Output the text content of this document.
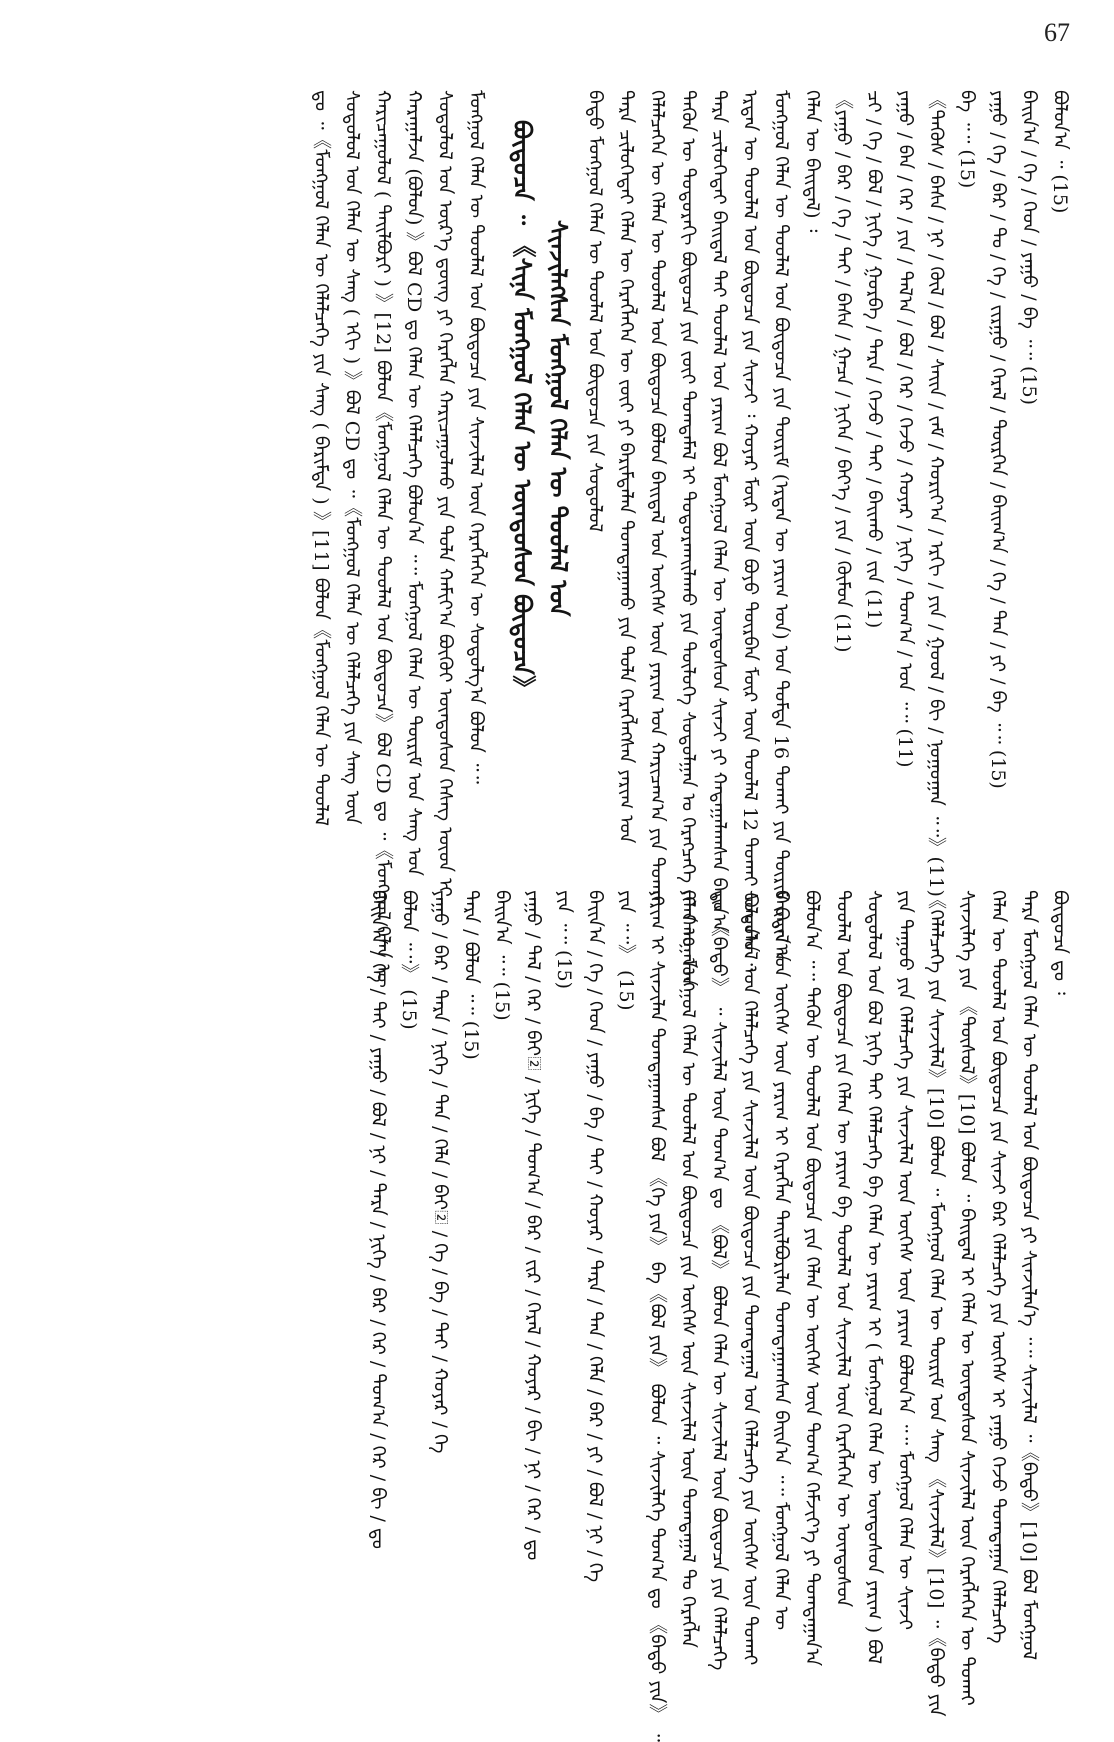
67
ᠪᠣᠯᠤᠨ᠎ᠠ ᠃ (15)
ᠪᠠᠢ᠌ᠨ᠎ᠠ / ᠭᠡ / ᠭᠡᠳ / ᠶᠠᠭᠤ / ᠪᠡ ᠃᠃ (15)
ᠶᠠᠭᠤ / ᠭᠡ / ᠪᠡᠷ / ᠲᠣ / ᠭᠡ / ᠵᠢᠷᠭᠤ / ᠭᠡᠷᠡᠯ / ᠲᠦᠷᠭᠡᠨ / ᠪᠠᠢ᠌ᠭ᠎ᠠ / ᠭᠡ / ᠲᠡᠨ / ᠶᠢ / ᠪᠡ ᠃᠃ (15)
ᠪᠡ ᠃᠃ (15)
《ᠲᠡᠭᠦᠰ / ᠪᠠᠰᠠ / ᠨᠢ / ᠬᠦᠯ / ᠪᠣᠯ / ᠰᠠᠢ᠌ᠨ / ᠵᠠᠮ / ᠬᠤᠷᠢᠶ᠎ᠠ / ᠡᠷᠬᠢ / ᠶᠢᠨ / ᠭᠤᠤᠯ / ᠪᠢ / ᠨᠣᠭᠤᠭᠠᠨ ᠃᠃》(11)
ᠶᠠᠭᠤ / ᠪᠡᠨ / ᠭᠡᠷ / ᠶᠢᠨ / ᠲᠠᠯ᠎ᠠ / ᠪᠣᠯ / ᠬᠡᠷ / ᠭᠡᠵᠦ / ᠬᠣᠶᠠᠷ / ᠨᠢᠭᠡ / ᠲᠣᠭ᠎ᠠ / ᠣᠨ ᠃᠃ (11)
ᠴᠢ / ᠭᠡ / ᠪᠣᠯ / ᠨᠢᠭᠡ / ᠭᠤᠷᠪᠠ / ᠲᠡᠷᠡ / ᠭᠡᠵᠦ / ᠲᠡᠢ / ᠪᠠᠢ᠌ᠬᠤ / ᠵᠢᠨ (11)
《ᠶᠠᠭᠤ / ᠪᠡᠷ / ᠭᠡ / ᠲᠡᠢ / ᠪᠠᠰᠠ / ᠭᠠᠴᠠ / ᠨᠢᠭᠡᠨ / ᠪᠡᠶ᠎ᠡ / ᠶᠢᠨ / ᠬᠦᠮᠦᠨ (11)
ᠬᠡᠯᠡᠨ ᠦ ᠪᠠᠢ᠌ᠳᠠᠯ) ᠄
ᠮᠣᠩᠭᠣᠯ ᠬᠡᠯᠡᠨ ᠦ ᠳᠤᠤᠯᠠᠯ ᠤᠨ ᠪᠦᠲᠦᠴᠡ ᠶᠢᠨ ᠳᠦᠷᠢᠮ (ᠡᠷᠲᠡᠨ ᠦ ᠶᠠᠷᠢᠭ ᠤᠨ) ᠤᠨ ᠳᠤᠮᠳᠠ 16 ᠲᠤᠬᠠᠢ ᠶᠢᠨ ᠳᠦᠷᠢᠮ ᠪᠠᠢ᠌ᠨ᠎ᠠ
ᠡᠷᠲᠡᠨ ᠦ ᠳᠤᠤᠯᠠᠯ ᠤᠨ ᠪᠦᠲᠦᠴᠡ ᠶᠢᠨ ᠰᠢᠨᠵᠢ ᠄ ᠬᠣᠶᠠᠷ ᠮᠥᠷ ᠦᠨ ᠪᠤᠶᠤ ᠳᠥᠷᠪᠡᠨ ᠮᠥᠷ ᠦᠨ ᠳᠤᠤᠯᠠᠯ 12 ᠲᠤᠬᠠᠢ ᠪᠣᠯᠤᠨ᠎ᠠ ᠃
ᠲᠡᠷᠡ ᠴᠢᠯᠦᠭᠡᠲᠡᠢ ᠪᠠᠢ᠌ᠳᠠᠯ ᠲᠠᠢ ᠳᠤᠤᠯᠠᠯ ᠤᠨ ᠶᠠᠷᠢᠭ ᠪᠣᠯ ᠮᠣᠩᠭᠣᠯ ᠬᠡᠯᠡᠨ ᠦ ᠦᠨᠳᠦᠰᠦᠨ ᠰᠢᠨᠵᠢ ᠶᠢ ᠬᠠᠳᠠᠭᠠᠯᠠᠭᠰᠠᠨ ᠪᠠᠢ᠌ᠨ᠎ᠠ
ᠲᠡᠭᠦᠨ ᠦ ᠳᠣᠲᠣᠷᠠᠬᠢ ᠪᠦᠲᠦᠴᠡ ᠶᠢᠨ ᠵᠦᠢ ᠲᠣᠭᠲᠠᠮᠠᠯ ᠢ ᠲᠣᠳᠣᠷᠬᠠᠢᠯᠠᠬᠤ ᠶᠢᠨ ᠲᠥᠯᠦᠭᠡ ᠰᠣᠳᠤᠯᠭᠠᠨ ᠤ ᠬᠡᠷᠡᠭᠴᠡᠭᠡ ᠶᠢ ᠬᠠᠩᠭᠠᠨ᠎ᠠ
ᠬᠡᠯᠡᠯᠴᠡᠭᠡᠨ ᠦ ᠬᠡᠯᠡᠨ ᠦ ᠳᠤᠤᠯᠠᠯ ᠤᠨ ᠪᠦᠲᠦᠴᠡ ᠪᠣᠯᠣᠨ ᠪᠠᠢ᠌ᠳᠠᠯ ᠤᠨ ᠦᠭᠡᠰ ᠦᠨ ᠶᠠᠷᠢᠭ ᠤᠨ ᠬᠠᠷᠢᠴᠠᠭ᠎ᠠ ᠶᠢᠨ ᠲᠤᠬᠠᠢ
ᠲᠡᠷᠡ ᠴᠢᠯᠦᠭᠡᠲᠡᠢ ᠬᠡᠯᠡᠨ ᠦ ᠬᠡᠷᠡᠭᠯᠡᠭᠡᠨ ᠦ ᠵᠦᠢ ᠶᠢ ᠪᠠᠷᠢᠮᠲᠠᠯᠠᠨ ᠲᠣᠭᠲᠠᠭᠠᠬᠤ ᠶᠢᠨ ᠲᠤᠯᠠ ᠬᠡᠷᠡᠭᠯᠡᠭᠰᠡᠨ ᠶᠠᠷᠢᠭ ᠤᠨ
ᠪᠠᠳᠤ ᠮᠣᠩᠭᠣᠯ ᠬᠡᠯᠡᠨ ᠦ ᠳᠤᠤᠯᠠᠯ ᠤᠨ ᠪᠦᠲᠦᠴᠡ ᠶᠢᠨ ᠰᠤᠳᠤᠯᠤᠯ
ᠰᠢᠨᠵᠢᠯᠡᠭᠰᠡᠨ ᠮᠣᠩᠭᠣᠯ ᠬᠡᠯᠡᠨ ᠦ ᠳᠤᠤᠯᠠᠯ ᠤᠨ
ᠪᠦᠲᠦᠴᠡ ᠃ 《ᠰᠢᠨᠡ ᠮᠣᠩᠭᠣᠯ ᠬᠡᠯᠡᠨ ᠦ ᠦᠨᠳᠦᠰᠦᠨ ᠪᠦᠲᠦᠴᠡ》
ᠮᠣᠩᠭᠣᠯ ᠬᠡᠯᠡᠨ ᠦ ᠳᠤᠤᠯᠠᠯ ᠤᠨ ᠪᠦᠲᠦᠴᠡ ᠶᠢᠨ ᠰᠢᠨᠵᠢᠯᠡᠯ ᠦᠨ ᠬᠡᠷᠡᠭᠯᠡᠭᠡᠨ ᠦ ᠰᠤᠳᠤᠯᠭ᠎ᠠ ᠪᠣᠯᠤᠨ ᠃᠃
ᠰᠤᠳᠤᠯᠤᠯ ᠤᠨ ᠦᠷ᠎ᠡ ᠳ᠋ᠦᠩ ᠶᠢ ᠬᠡᠷᠡᠭᠯᠡᠨ ᠬᠠᠷᠢᠴᠠᠭᠤᠯᠬᠤ ᠶᠢᠨ ᠲᠤᠯᠠ ᠬᠠᠮᠢᠶ᠎ᠠ ᠪᠦᠬᠦᠢ ᠦᠨᠳᠦᠰᠦᠨ ᠬᠡᠰᠡᠭ ᠦᠳ ᠢ
ᠬᠠᠷᠠᠭᠠᠯᠵᠠ (ᠪᠣᠯᠤᠨ) 》ᠪᠣᠯ CD ᠳᠤ ᠬᠡᠯᠡᠨ ᠦ ᠬᠡᠯᠡᠯᠴᠡᠭᠡ ᠪᠣᠯᠤᠨ᠎ᠠ ᠃᠃ ᠮᠣᠩᠭᠣᠯ ᠬᠡᠯᠡᠨ ᠦ ᠳᠦᠷᠢᠮ ᠤᠨ ᠰᠠᠩ ᠤᠨ
ᠬᠠᠷᠢᠴᠠᠭᠤᠯᠤᠯ ( ᠲᠠᠢᠯᠪᠤᠷᠢ ) 》[12] ᠪᠣᠯᠤᠨ《ᠮᠣᠩᠭᠣᠯ ᠬᠡᠯᠡᠨ ᠦ ᠳᠤᠤᠯᠠᠯ ᠤᠨ ᠪᠦᠲᠦᠴᠡ》ᠪᠣᠯ CD ᠳᠤ ᠃《ᠮᠣᠩᠭᠣᠯ ᠬᠡᠯᠡᠨ ᠦ
ᠰᠤᠳᠤᠯᠤᠯ ᠤᠨ ᠬᠡᠯᠡᠨ ᠦ ᠰᠠᠩ ( ᠡᠬᠢ ) 》ᠪᠣᠯ CD ᠳᠤ ᠃《ᠮᠣᠩᠭᠣᠯ ᠬᠡᠯᠡᠨ ᠦ ᠬᠡᠯᠡᠯᠴᠡᠭᠡ ᠶᠢᠨ ᠰᠠᠩ ᠦᠨ
ᠳᠤ ᠃《ᠮᠣᠩᠭᠣᠯ ᠬᠡᠯᠡᠨ ᠦ ᠬᠡᠯᠡᠯᠴᠡᠭᠡ ᠶᠢᠨ ᠰᠠᠩ ( ᠪᠠᠷᠢᠮᠲᠠ ) 》[11] ᠪᠣᠯᠤᠨ《ᠮᠣᠩᠭᠣᠯ ᠬᠡᠯᠡᠨ ᠦ ᠳᠤᠤᠯᠠᠯ
ᠪᠦᠲᠦᠴᠡ ᠳᠤ ᠄
ᠲᠡᠷᠡ ᠮᠣᠩᠭᠣᠯ ᠬᠡᠯᠡᠨ ᠦ ᠳᠤᠤᠯᠠᠯ ᠤᠨ ᠪᠦᠲᠦᠴᠡ ᠶᠢ ᠰᠢᠨᠵᠢᠯᠡᠨ᠎ᠡ ᠃᠃ ᠰᠢᠨᠵᠢᠯᠡᠯ ᠃《ᠪᠠᠳᠤ》[10] ᠪᠣᠯ ᠮᠣᠩᠭᠣᠯ
ᠬᠡᠯᠡᠨ ᠦ ᠳᠤᠤᠯᠠᠯ ᠤᠨ ᠪᠦᠲᠦᠴᠡ ᠶᠢᠨ ᠰᠢᠨᠵᠢ ᠪᠠᠷ ᠬᠡᠯᠡᠯᠴᠡᠭᠡ ᠶᠢᠨ ᠦᠭᠡᠰ ᠢ ᠶᠠᠭᠤ ᠭᠡᠵᠦ ᠲᠣᠭᠲᠠᠭᠠᠨ ᠬᠡᠯᠡᠯᠴᠡᠭᠡ
ᠰᠢᠨᠵᠢᠯᠡᠭᠡ ᠶᠢᠨ 《ᠲᠥᠰᠦᠯ》[10] ᠪᠣᠯᠤᠨ ᠃ ᠪᠠᠢ᠌ᠳᠠᠯ ᠢ ᠬᠡᠯᠡᠨ ᠦ ᠦᠨᠳᠦᠰᠦᠨ ᠰᠢᠨᠵᠢᠯᠡᠯ ᠦᠨ ᠬᠡᠷᠡᠭᠯᠡᠭᠡᠨ ᠦ ᠲᠤᠬᠠᠢ
《ᠬᠡᠯᠡᠯᠴᠡᠭᠡ ᠶᠢᠨ ᠰᠢᠨᠵᠢᠯᠡᠯ》[10] ᠪᠣᠯᠤᠨ ᠃ ᠮᠣᠩᠭᠣᠯ ᠬᠡᠯᠡᠨ ᠦ ᠳᠦᠷᠢᠮ ᠤᠨ ᠰᠠᠩ 《ᠰᠢᠨᠵᠢᠯᠡᠯ》[10] ᠃《ᠪᠠᠳᠤ ᠶᠢᠨ
ᠶᠢᠨ ᠳᠠᠭᠤᠤ ᠶᠢᠨ ᠬᠡᠯᠡᠯᠴᠡᠭᠡ ᠶᠢᠨ ᠰᠢᠨᠵᠢᠯᠡᠯ ᠦᠨ ᠦᠭᠡᠰ ᠦᠨ ᠶᠠᠷᠢᠭ ᠪᠣᠯᠤᠨ᠎ᠠ ᠃᠃ ᠮᠣᠩᠭᠣᠯ ᠬᠡᠯᠡᠨ ᠦ ᠰᠢᠨᠵᠢ
ᠰᠤᠳᠤᠯᠤᠯ ᠤᠨ ᠪᠣᠯ ᠨᠢᠭᠡ ᠲᠠᠢ ᠬᠡᠯᠡᠯᠴᠡᠭᠡ ᠪᠠ ᠬᠡᠯᠡᠨ ᠦ ᠶᠠᠷᠢᠭ ᠢ ( ᠮᠣᠩᠭᠣᠯ ᠬᠡᠯᠡᠨ ᠦ ᠦᠨᠳᠦᠰᠦᠨ ᠶᠠᠷᠢᠭ ) ᠪᠣᠯ
ᠳᠤᠤᠯᠠᠯ ᠤᠨ ᠪᠦᠲᠦᠴᠡ ᠶᠢᠨ ᠬᠡᠯᠡᠨ ᠦ ᠶᠠᠷᠢᠭ ᠪᠠ ᠳᠤᠤᠯᠠᠯ ᠤᠨ ᠰᠢᠨᠵᠢᠯᠡᠯ ᠦᠨ ᠬᠡᠷᠡᠭᠯᠡᠭᠡᠨ ᠦ ᠦᠨᠳᠦᠰᠦᠨ
ᠪᠣᠯᠤᠨ᠎ᠠ ᠃᠃ ᠲᠡᠭᠦᠨ ᠦ ᠳᠤᠤᠯᠠᠯ ᠤᠨ ᠪᠦᠲᠦᠴᠡ ᠶᠢᠨ ᠬᠡᠯᠡᠨ ᠦ ᠦᠭᠡᠰ ᠦᠨ ᠲᠣᠭ᠎ᠠ ᠬᠡᠮᠵᠢᠶ᠎ᠡ ᠶᠢ ᠲᠣᠭᠲᠠᠭᠠᠨ᠎ᠠ
ᠪᠠᠢ᠌ᠳᠠᠯ ᠤᠨ ᠦᠭᠡᠰ ᠦᠨ ᠶᠠᠷᠢᠭ ᠢ ᠬᠡᠷᠡᠭᠯᠡᠨ ᠲᠠᠢᠯᠪᠤᠷᠢᠯᠠᠨ ᠲᠣᠭᠲᠠᠭᠠᠭᠰᠠᠨ ᠪᠠᠢ᠌ᠨ᠎ᠠ ᠃᠃ ᠮᠣᠩᠭᠣᠯ ᠬᠡᠯᠡᠨ ᠦ
ᠰᠤᠳᠤᠯᠤᠯ ᠤᠨ ᠬᠡᠯᠡᠯᠴᠡᠭᠡ ᠶᠢᠨ ᠰᠢᠨᠵᠢᠯᠡᠯ ᠦᠨ ᠪᠦᠲᠦᠴᠡ ᠶᠢᠨ ᠲᠣᠭᠲᠠᠭᠠᠯ ᠤᠨ ᠬᠡᠯᠡᠯᠴᠡᠭᠡ ᠶᠢᠨ ᠦᠭᠡᠰ ᠦᠨ ᠲᠤᠬᠠᠢ
ᠳᠤ 《ᠪᠠᠳᠤ》 ᠃ ᠰᠢᠨᠵᠢᠯᠡᠯ ᠦᠨ ᠲᠣᠭ᠎ᠠ ᠳᠤ 《ᠪᠣᠯ》 ᠪᠣᠯᠤᠨ ᠬᠡᠯᠡᠨ ᠦ ᠰᠢᠨᠵᠢᠯᠡᠯ ᠦᠨ ᠪᠦᠲᠦᠴᠡ ᠶᠢᠨ ᠬᠡᠯᠡᠯᠴᠡᠭᠡ
ᠬᠡᠯᠡᠨ ᠦ ᠮᠣᠩᠭᠣᠯ ᠬᠡᠯᠡᠨ ᠦ ᠳᠤᠤᠯᠠᠯ ᠤᠨ ᠪᠦᠲᠦᠴᠡ ᠶᠢᠨ ᠦᠭᠡᠰ ᠦᠨ ᠰᠢᠨᠵᠢᠯᠡᠯ ᠦᠨ ᠲᠣᠭᠲᠠᠭᠠᠯ ᠲᠤ ᠬᠡᠷᠡᠭᠯᠡᠨ
ᠶᠠᠷᠢᠭ ᠢ ᠰᠢᠨᠵᠢᠯᠡᠨ ᠲᠣᠭᠲᠠᠭᠠᠭᠰᠠᠨ ᠪᠣᠯ 《ᠭᠡ ᠶᠢᠨ》 ᠪᠠ《ᠪᠣᠯ ᠶᠢᠨ》 ᠪᠣᠯᠤᠨ ᠃ ᠰᠢᠨᠵᠢᠯᠡᠭᠡ ᠲᠣᠭ᠎ᠠ ᠳᠤ 《ᠪᠠᠳᠤ ᠶᠢᠨ》 ᠃
ᠶᠢᠨ ᠃᠃》 (15)
ᠪᠠᠢ᠌ᠨ᠎ᠠ / ᠭᠡ / ᠭᠡᠳ / ᠶᠠᠭᠤ / ᠪᠡ / ᠲᠡᠢ / ᠬᠣᠶᠠᠷ / ᠲᠡᠷᠡ / ᠲᠡᠨ / ᠬᠡᠯᠡ / ᠪᠡᠷ / ᠶᠢ / ᠪᠣᠯ / ᠨᠢ / ᠭᠡ
ᠶᠢᠨ ᠃᠃ (15)
ᠶᠠᠭᠤ / ᠲᠡᠯ / ᠭᠡᠷ / ᠪᠠᠢ᠌ / ᠨᠢᠭᠡ / ᠲᠣᠭ᠎ᠠ / ᠪᠡᠷ / ᠵᠢᠷ / ᠭᠡᠷᠡᠯ / ᠬᠣᠶᠠᠷ / ᠪᠢ / ᠨᠢ / ᠬᠡᠷ / ᠳᠤ
ᠪᠠᠢ᠌ᠨ᠎ᠠ ᠃᠃ (15)
ᠲᠡᠷᠡ / ᠪᠣᠯᠤᠨ ᠃᠃ (15)
ᠶᠠᠭᠤ / ᠪᠡᠷ / ᠲᠡᠷᠡ / ᠨᠢᠭᠡ / ᠲᠡᠨ / ᠬᠡᠯᠡ / ᠪᠠᠢ᠌ / ᠭᠡ / ᠪᠡ / ᠲᠡᠢ / ᠬᠣᠶᠠᠷ / ᠭᠡ
ᠪᠣᠯᠤᠨ ᠃᠃》 (15)
ᠪᠠᠢ᠌ᠨ᠎ᠠ / ᠭᠡ / ᠲᠡᠢ / ᠶᠠᠭᠤ / ᠪᠣᠯ / ᠨᠢ / ᠲᠡᠷᠡ / ᠨᠢᠭᠡ / ᠪᠠᠷ / ᠭᠡᠷ / ᠲᠣᠭ᠎ᠠ / ᠬᠡᠷ / ᠪᠢ / ᠳᠤ
